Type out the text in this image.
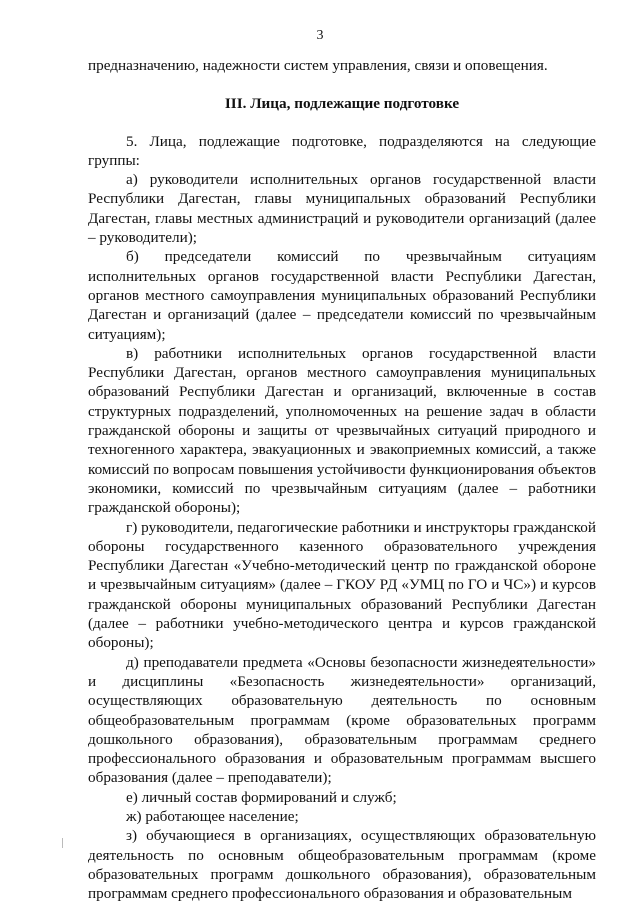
3

предназначению, надежности систем управления, связи и оповещения.

III. Лица, подлежащие подготовке

5. Лица, подлежащие подготовке, подразделяются на следующие группы:

а) руководители исполнительных органов государственной власти Республики Дагестан, главы муниципальных образований Республики Дагестан, главы местных администраций и руководители организаций (далее – руководители);

б) председатели комиссий по чрезвычайным ситуациям исполнительных органов государственной власти Республики Дагестан, органов местного самоуправления муниципальных образований Республики Дагестан и организаций (далее – председатели комиссий по чрезвычайным ситуациям);

в) работники исполнительных органов государственной власти Республики Дагестан, органов местного самоуправления муниципальных образований Республики Дагестан и организаций, включенные в состав структурных подразделений, уполномоченных на решение задач в области гражданской обороны и защиты от чрезвычайных ситуаций природного и техногенного характера, эвакуационных и эвакоприемных комиссий, а также комиссий по вопросам повышения устойчивости функционирования объектов экономики, комиссий по чрезвычайным ситуациям (далее – работники гражданской обороны);

г) руководители, педагогические работники и инструкторы гражданской обороны государственного казенного образовательного учреждения Республики Дагестан «Учебно-методический центр по гражданской обороне и чрезвычайным ситуациям» (далее – ГКОУ РД «УМЦ по ГО и ЧС») и курсов гражданской обороны муниципальных образований Республики Дагестан (далее – работники учебно-методического центра и курсов гражданской обороны);

д) преподаватели предмета «Основы безопасности жизнедеятельности» и дисциплины «Безопасность жизнедеятельности» организаций, осуществляющих образовательную деятельность по основным общеобразовательным программам (кроме образовательных программ дошкольного образования), образовательным программам среднего профессионального образования и образовательным программам высшего образования (далее – преподаватели);

е) личный состав формирований и служб;

ж) работающее население;

з) обучающиеся в организациях, осуществляющих образовательную деятельность по основным общеобразовательным программам (кроме образовательных программ дошкольного образования), образовательным программам среднего профессионального образования и образовательным
